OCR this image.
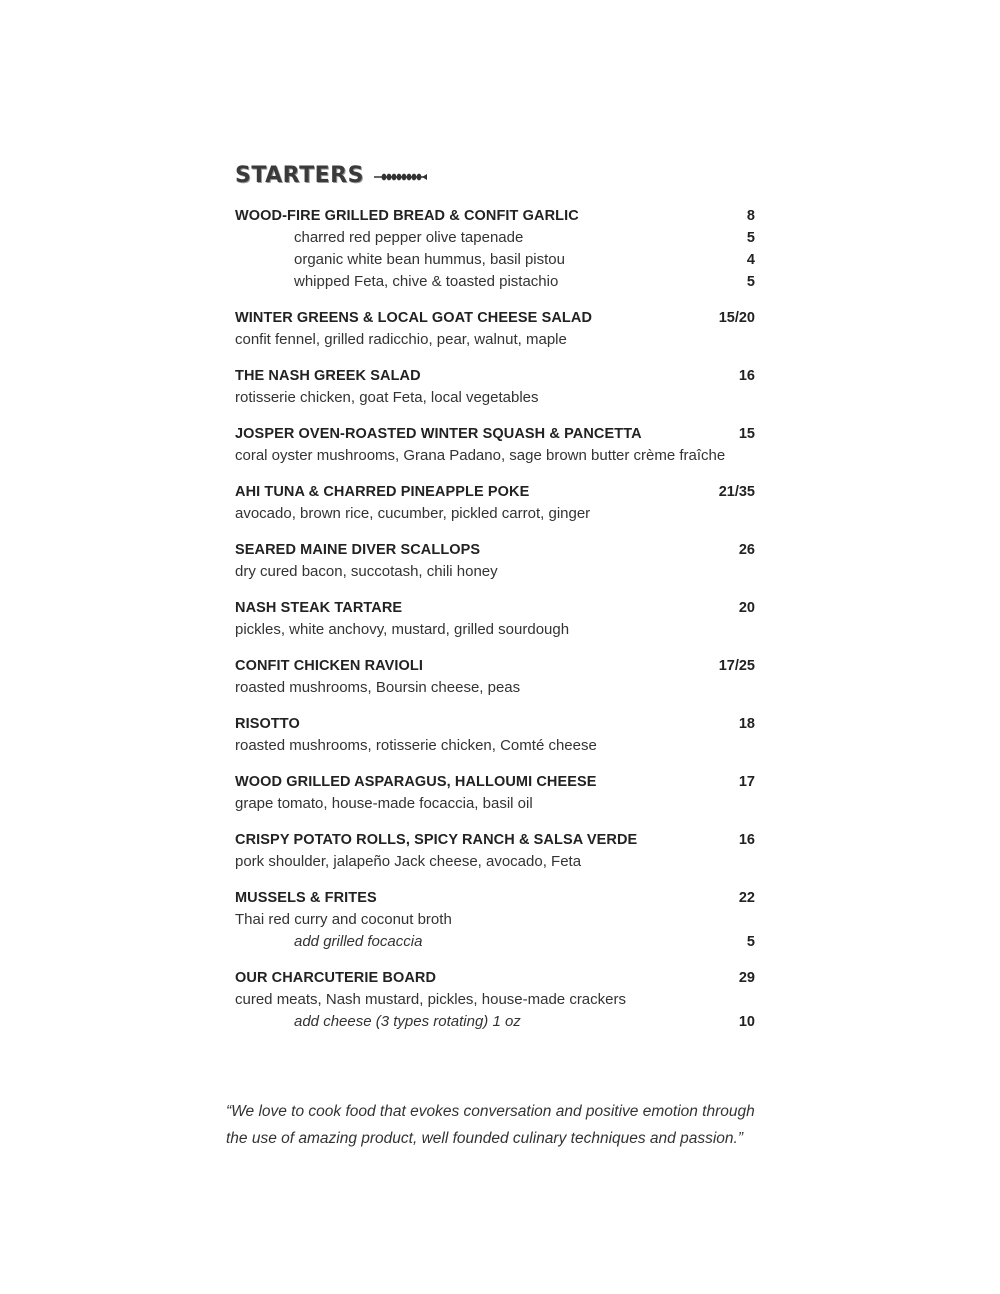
STARTERS
WOOD-FIRE GRILLED BREAD & CONFIT GARLIC	8
charred red pepper olive tapenade	5
organic white bean hummus, basil pistou	4
whipped Feta, chive & toasted pistachio	5
WINTER GREENS & LOCAL GOAT CHEESE SALAD	15/20
confit fennel, grilled radicchio, pear, walnut, maple
THE NASH GREEK SALAD	16
rotisserie chicken, goat Feta, local vegetables
JOSPER OVEN-ROASTED WINTER SQUASH & PANCETTA	15
coral oyster mushrooms, Grana Padano, sage brown butter crème fraîche
AHI TUNA & CHARRED PINEAPPLE POKE	21/35
avocado, brown rice, cucumber, pickled carrot, ginger
SEARED MAINE DIVER SCALLOPS	26
dry cured bacon, succotash, chili honey
NASH STEAK TARTARE	20
pickles, white anchovy, mustard, grilled sourdough
CONFIT CHICKEN RAVIOLI	17/25
roasted mushrooms, Boursin cheese, peas
RISOTTO	18
roasted mushrooms, rotisserie chicken, Comté cheese
WOOD GRILLED ASPARAGUS, HALLOUMI CHEESE	17
grape tomato, house-made focaccia, basil oil
CRISPY POTATO ROLLS, SPICY RANCH & SALSA VERDE	16
pork shoulder, jalapeño Jack cheese, avocado, Feta
MUSSELS & FRITES	22
Thai red curry and coconut broth
add grilled focaccia	5
OUR CHARCUTERIE BOARD	29
cured meats, Nash mustard, pickles, house-made crackers
add cheese (3 types rotating) 1 oz	10
“We love to cook food that evokes conversation and positive emotion through
the use of amazing product, well founded culinary techniques and passion.”
